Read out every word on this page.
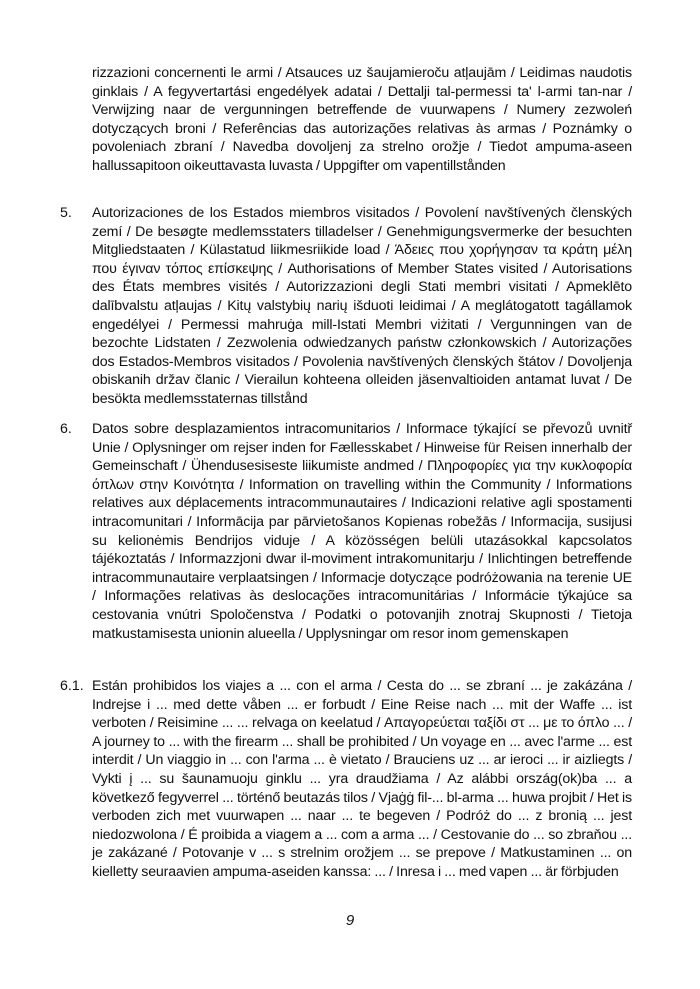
rizzazioni concernenti le armi / Atsauces uz šaujamieroču atļaujām / Leidimas naudotis ginklais / A fegyvertartási engedélyek adatai / Dettalji tal-permessi ta' l-armi tan-nar / Verwijzing naar de vergunningen betreffende de vuurwapens / Numery zezwoleń dotyczących broni / Referências das autorizações relativas às armas / Poznámky o povoleniach zbraní / Navedba dovoljenj za strelno orožje / Tiedot ampuma-aseen hallussapitoon oikeuttavasta luvasta / Uppgifter om vapentillstånden
5. Autorizaciones de los Estados miembros visitados / Povolení navštívených členských zemí / De besøgte medlemsstaters tilladelser / Genehmigungsvermerke der besuchten Mitgliedstaaten / Külastatud liikmesriikide load / Άδειες που χορήγησαν τα κράτη μέλη που έγιναν τόπος επίσκεψης / Authorisations of Member States visited / Autorisations des États membres visités / Autorizzazioni degli Stati membri visitati / Apmeklēto dalībvalstu atļaujas / Kitų valstybių narių išduoti leidimai / A meglátogatott tagállamok engedélyei / Permessi mahruġa mill-Istati Membri viżitati / Vergunningen van de bezochte Lidstaten / Zezwolenia odwiedzanych państw członkowskich / Autorizações dos Estados-Membros visitados / Povolenia navštívených členských štátov / Dovoljenja obiskanih držav članic / Vierailun kohteena olleiden jäsenvaltioiden antamat luvat / De besökta medlemsstaternas tillstånd
6. Datos sobre desplazamientos intracomunitarios / Informace týkající se převozů uvnitř Unie / Oplysninger om rejser inden for Fællesskabet / Hinweise für Reisen innerhalb der Gemeinschaft / Ühendusesiseste liikumiste andmed / Πληροφορίες για την κυκλοφορία όπλων στην Κοινότητα / Information on travelling within the Community / Informations relatives aux déplacements intracommunautaires / Indicazioni relative agli spostamenti intracomunitari / Informācija par pārvietošanos Kopienas robežās / Informacija, susijusi su kelionėmis Bendrijos viduje / A közösségen belüli utazásokkal kapcsolatos tájékoztatás / Informazzjoni dwar il-moviment intrakomunitarju / Inlichtingen betreffende intracommunautaire verplaatsingen / Informacje dotyczące podróżowania na terenie UE / Informações relativas às deslocações intracomunitárias / Informácie týkajúce sa cestovania vnútri Spoločenstva / Podatki o potovanjih znotraj Skupnosti / Tietoja matkustamisesta unionin alueella / Upplysningar om resor inom gemenskapen
6.1. Están prohibidos los viajes a ... con el arma / Cesta do ... se zbraní ... je zakázána / Indrejse i ... med dette våben ... er forbudt / Eine Reise nach ... mit der Waffe ... ist verboten / Reisimine ... ... relvaga on keelatud / Απαγορεύεται ταξίδι στ ... με το όπλο ... / A journey to ... with the firearm ... shall be prohibited / Un voyage en ... avec l'arme ... est interdit / Un viaggio in ... con l'arma ... è vietato / Brauciens uz ... ar ieroci ... ir aizliegts / Vykti į ... su šaunamuoju ginklu ... yra draudžiama / Az alábbi ország(ok)ba ... a következő fegyverrel ... történő beutazás tilos / Vjaġġ fil-... bl-arma ... huwa projbit / Het is verboden zich met vuurwapen ... naar ... te begeven / Podróż do ... z bronią ... jest niedozwolona / É proibida a viagem a ... com a arma ... / Cestovanie do ... so zbraňou ... je zakázané / Potovanje v ... s strelnim orožjem ... se prepove / Matkustaminen ... on kielletty seuraavien ampuma-aseiden kanssa: ... / Inresa i ... med vapen ... är förbjuden
9
